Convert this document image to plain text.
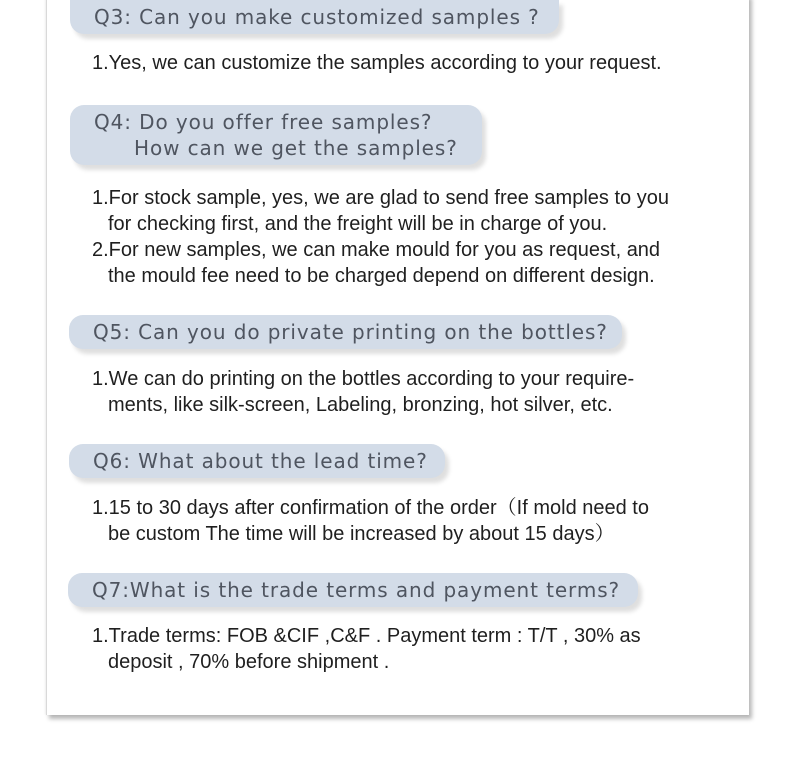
Q3: Can you make customized samples ?
1.Yes, we can customize the samples according to your request.
Q4: Do you offer free samples?
How can we get the samples?
1.For stock sample, yes, we are glad to send free samples to you
for checking first, and the freight will be in charge of you.
2.For new samples, we can make mould for you as request, and
the mould fee need to be charged depend on different design.
Q5: Can you do private printing on the bottles?
1.We can do printing on the bottles according to your require-
ments, like silk-screen, Labeling, bronzing, hot silver, etc.
Q6: What about the lead time?
1.15 to 30 days after confirmation of the order（If mold need to
be custom The time will be increased by about 15 days）
Q7:What is the trade terms and payment terms?
1.Trade terms: FOB &CIF ,C&F . Payment term : T/T , 30% as
deposit , 70% before shipment .
